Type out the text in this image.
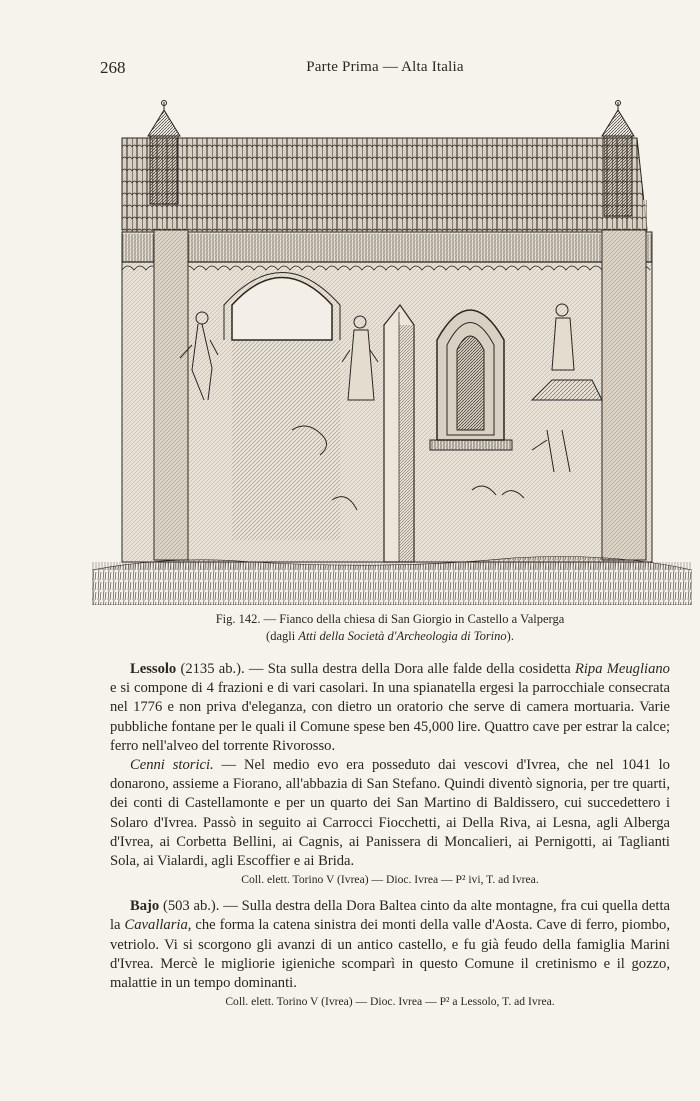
268	Parte Prima — Alta Italia
Fig. 142. — Fianco della chiesa di San Giorgio in Castello a Valperga
(dagli Atti della Società d'Archeologia di Torino).

Lessolo (2135 ab.). — Sta sulla destra della Dora alle falde della cosidetta Ripa Meugliano e si compone di 4 frazioni e di vari casolari. In una spianatella ergesi la parrocchiale consecrata nel 1776 e non priva d'eleganza, con dietro un oratorio che serve di camera mortuaria. Varie pubbliche fontane per le quali il Comune spese ben 45,000 lire. Quattro cave per estrar la calce; ferro nell'alveo del torrente Rivorosso.

Cenni storici. — Nel medio evo era posseduto dai vescovi d'Ivrea, che nel 1041 lo donarono, assieme a Fiorano, all'abbazia di San Stefano. Quindi diventò signoria, per tre quarti, dei conti di Castellamonte e per un quarto dei San Martino di Baldissero, cui succedettero i Solaro d'Ivrea. Passò in seguito ai Carrocci Fiocchetti, ai Della Riva, ai Lesna, agli Alberga d'Ivrea, ai Corbetta Bellini, ai Cagnis, ai Panissera di Moncalieri, ai Pernigotti, ai Taglianti Sola, ai Vialardi, agli Escoffier e ai Brida.

Coll. elett. Torino V (Ivrea) — Dioc. Ivrea — P² ivi, T. ad Ivrea.

Bajo (503 ab.). — Sulla destra della Dora Baltea cinto da alte montagne, fra cui quella detta la Cavallaria, che forma la catena sinistra dei monti della valle d'Aosta. Cave di ferro, piombo, vetriolo. Vi si scorgono gli avanzi di un antico castello, e fu già feudo della famiglia Marini d'Ivrea. Mercè le migliorie igieniche scomparì in questo Comune il cretinismo e il gozzo, malattie in un tempo dominanti.

Coll. elett. Torino V (Ivrea) — Dioc. Ivrea — P² a Lessolo, T. ad Ivrea.
